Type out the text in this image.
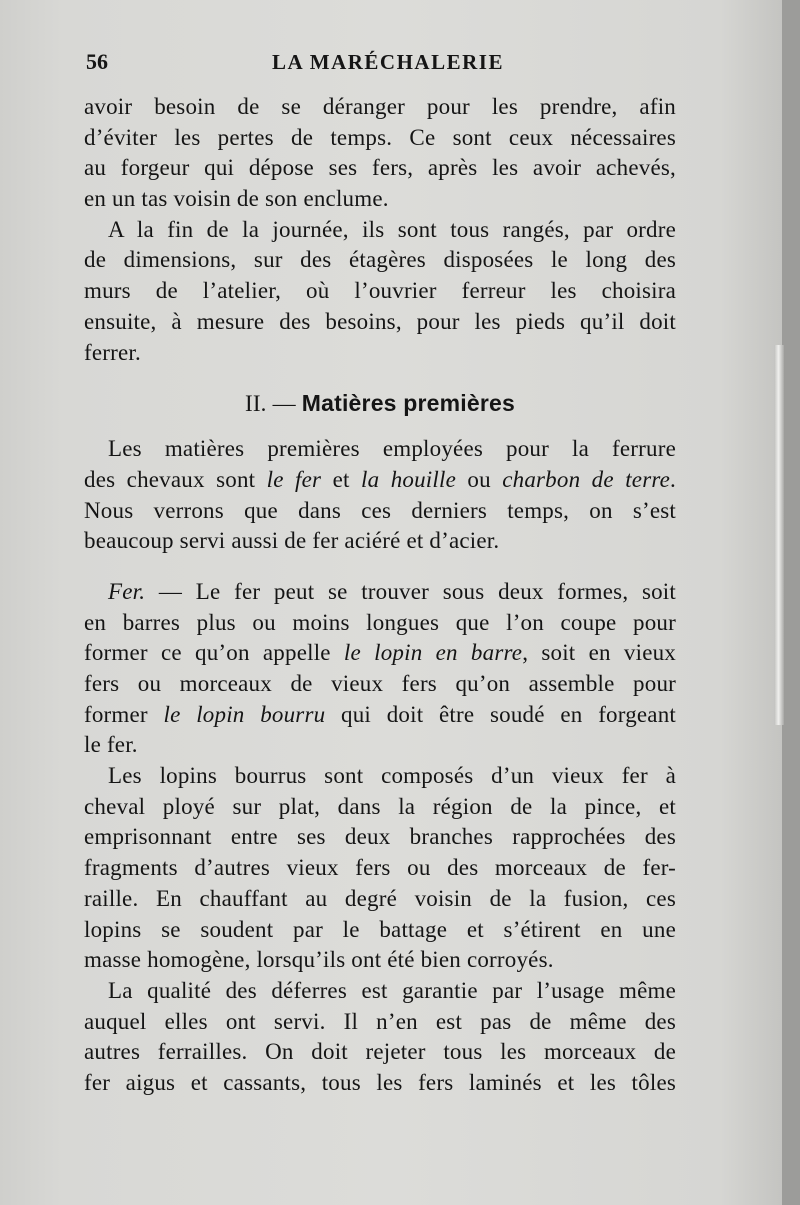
56	LA MARÉCHALERIE
avoir besoin de se déranger pour les prendre, afin
d’éviter les pertes de temps. Ce sont ceux nécessaires
au forgeur qui dépose ses fers, après les avoir achevés,
en un tas voisin de son enclume.
A la fin de la journée, ils sont tous rangés, par ordre
de dimensions, sur des étagères disposées le long des
murs de l’atelier, où l’ouvrier ferreur les choisira
ensuite, à mesure des besoins, pour les pieds qu’il doit
ferrer.
II. — Matières premières
Les matières premières employées pour la ferrure
des chevaux sont le fer et la houille ou charbon de terre.
Nous verrons que dans ces derniers temps, on s’est
beaucoup servi aussi de fer aciéré et d’acier.
Fer. — Le fer peut se trouver sous deux formes, soit
en barres plus ou moins longues que l’on coupe pour
former ce qu’on appelle le lopin en barre, soit en vieux
fers ou morceaux de vieux fers qu’on assemble pour
former le lopin bourru qui doit être soudé en forgeant
le fer.
Les lopins bourrus sont composés d’un vieux fer à
cheval ployé sur plat, dans la région de la pince, et
emprisonnant entre ses deux branches rapprochées des
fragments d’autres vieux fers ou des morceaux de fer-
raille. En chauffant au degré voisin de la fusion, ces
lopins se soudent par le battage et s’étirent en une
masse homogène, lorsqu’ils ont été bien corroyés.
La qualité des déferres est garantie par l’usage même
auquel elles ont servi. Il n’en est pas de même des
autres ferrailles. On doit rejeter tous les morceaux de
fer aigus et cassants, tous les fers laminés et les tôles
